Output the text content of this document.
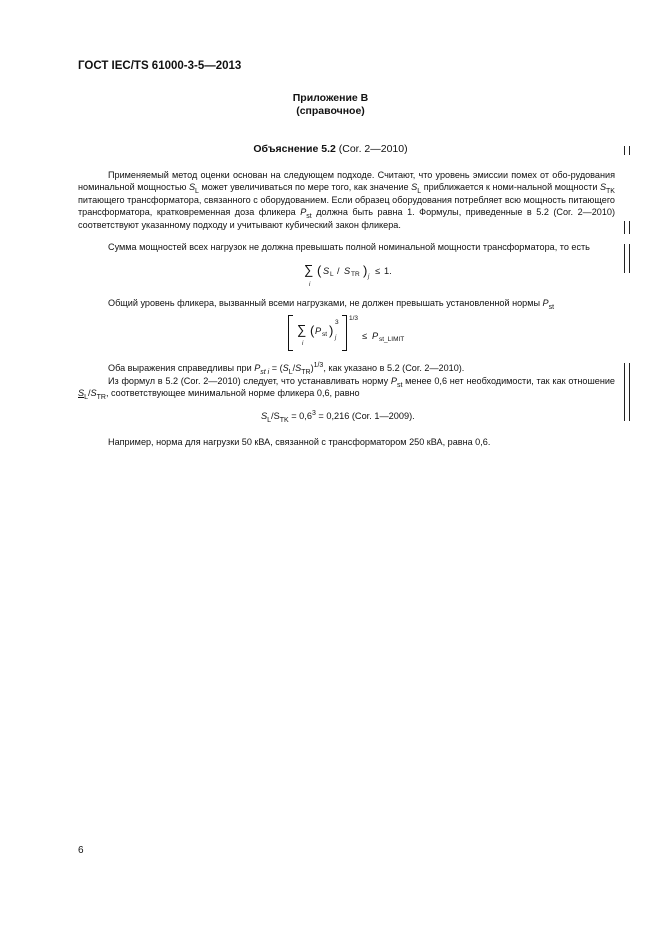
ГОСТ IEC/TS 61000-3-5—2013
Приложение В
(справочное)
Объяснение 5.2 (Cor. 2—2010)
Применяемый метод оценки основан на следующем подходе. Считают, что уровень эмиссии помех от обо-рудования номинальной мощностью $S_L$ может увеличиваться по мере того, как значение $S_L$ приближается к номи-нальной мощности $S_{TK}$ питающего трансформатора, связанного с оборудованием. Если образец оборудования потребляет всю мощность питающего трансформатора, кратковременная доза фликера $P_{st}$ должна быть равна 1. Формулы, приведенные в 5.2 (Cor. 2—2010) соответствуют указанному подходу и учитывают кубический закон фликера.
Сумма мощностей всех нагрузок не должна превышать полной номинальной мощности трансформатора, то есть
∑
i
( S L / S TR ) j
≤ 1.
Общий уровень фликера, вызванный всеми нагрузками, не должен превышать установленной нормы $P_{st}$
∑
i
( P st )
3
j
1/3
≤ P st_LIMIT
Оба выражения справедливы при $P_{st i} = (S_L/S_{TR})^{1/3}$, как указано в 5.2 (Cor. 2—2010).
Из формул в 5.2 (Cor. 2—2010) следует, что устанавливать норму $P_{st}$ менее 0,6 нет необходимости, так как отношение $S_L/S_{TR}$, соответствующее минимальной норме фликера 0,6, равно
$S_L/S_{TK} = 0,6^3 = 0,216$ (Cor. 1—2009).
Например, норма для нагрузки 50 кВА, связанной с трансформатором 250 кВА, равна 0,6.
6
